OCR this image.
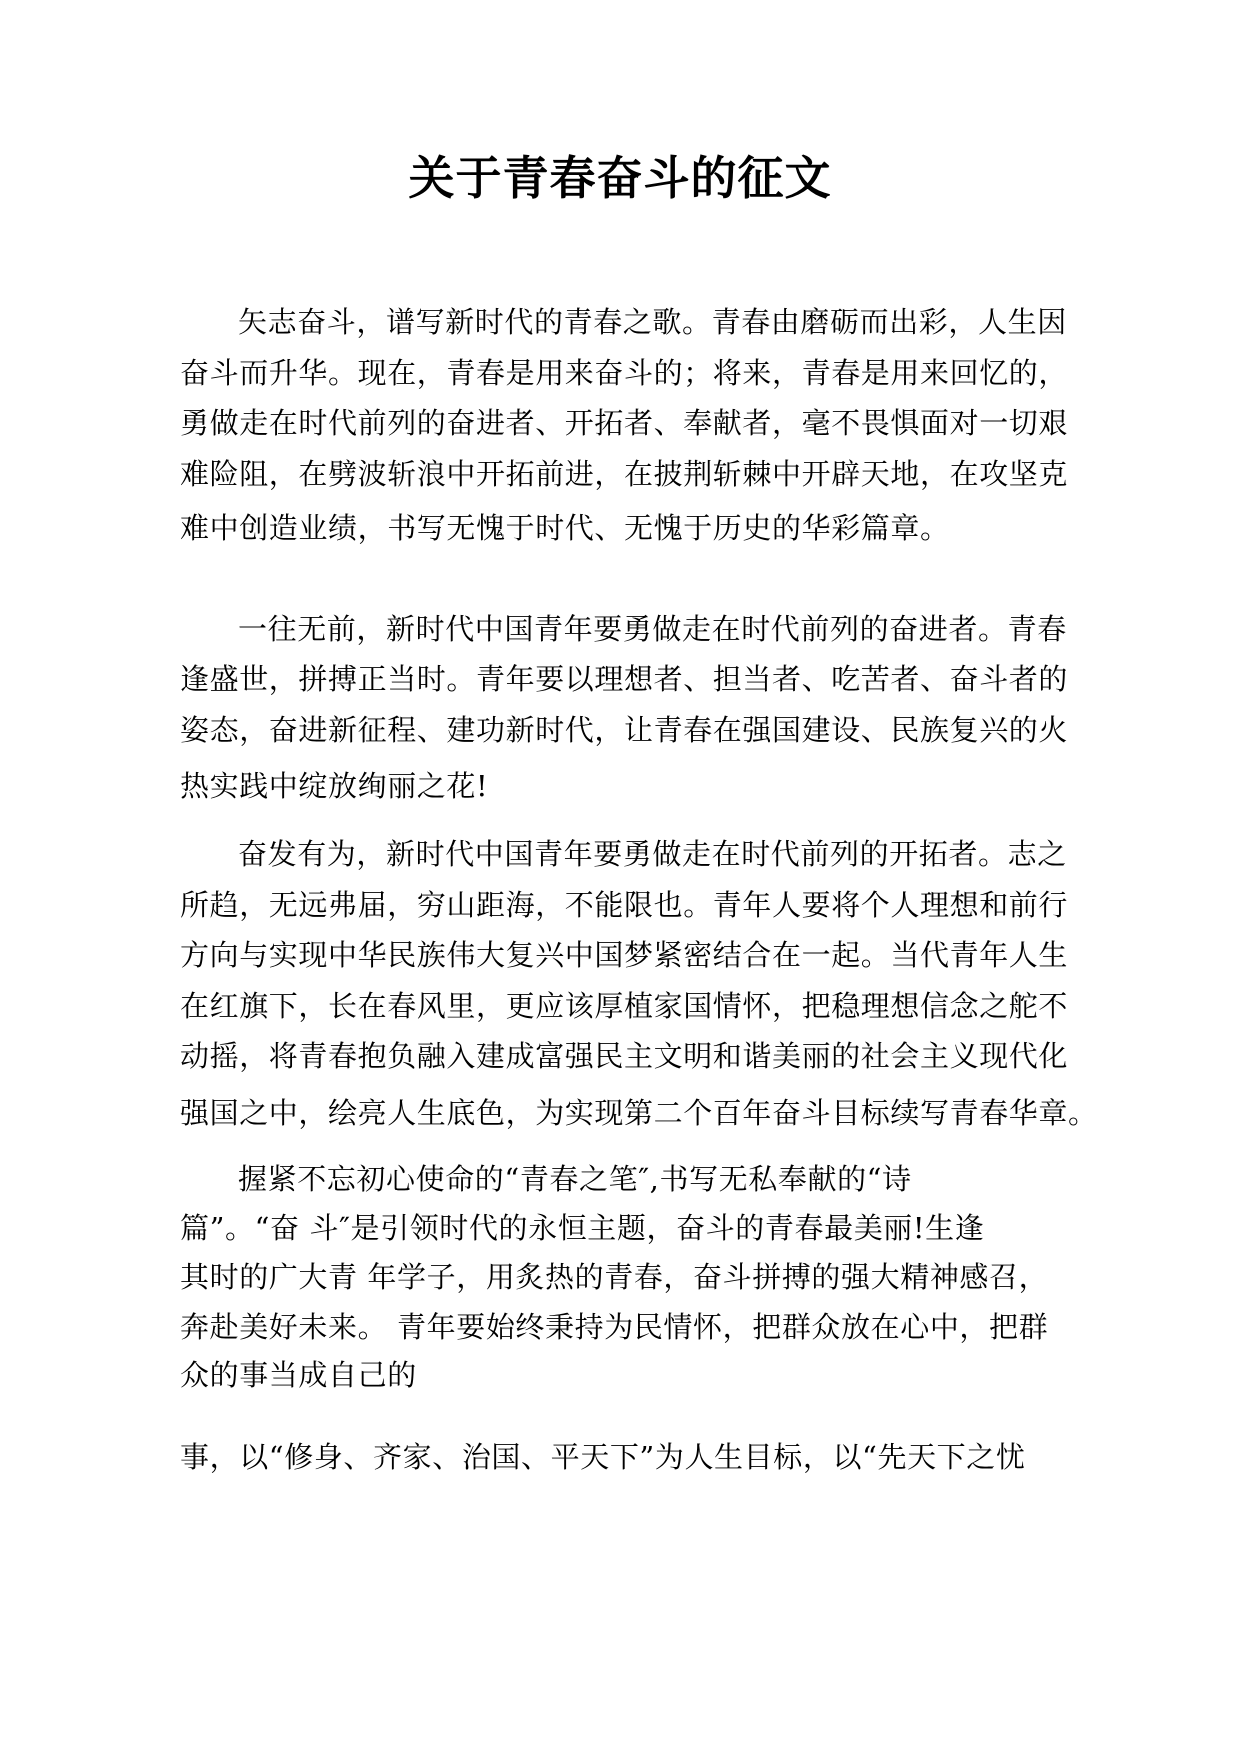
关于青春奋斗的征文
矢志奋斗，谱写新时代的青春之歌。青春由磨砺而出彩，人生因
奋斗而升华。现在，青春是用来奋斗的；将来，青春是用来回忆的，
勇做走在时代前列的奋进者、开拓者、奉献者，毫不畏惧面对一切艰
难险阻，在劈波斩浪中开拓前进，在披荆斩棘中开辟天地，在攻坚克
难中创造业绩，书写无愧于时代、无愧于历史的华彩篇章。
一往无前，新时代中国青年要勇做走在时代前列的奋进者。青春
逢盛世，拼搏正当时。青年要以理想者、担当者、吃苦者、奋斗者的
姿态，奋进新征程、建功新时代，让青春在强国建设、民族复兴的火
热实践中绽放绚丽之花!
奋发有为，新时代中国青年要勇做走在时代前列的开拓者。志之
所趋，无远弗届，穷山距海，不能限也。青年人要将个人理想和前行
方向与实现中华民族伟大复兴中国梦紧密结合在一起。当代青年人生
在红旗下，长在春风里，更应该厚植家国情怀，把稳理想信念之舵不
动摇，将青春抱负融入建成富强民主文明和谐美丽的社会主义现代化
强国之中，绘亮人生底色，为实现第二个百年奋斗目标续写青春华章。
握紧不忘初心使命的“青春之笔″,书写无私奉献的“诗
篇”。“奋 斗″是引领时代的永恒主题，奋斗的青春最美丽!生逢
其时的广大青 年学子，用炙热的青春，奋斗拼搏的强大精神感召，
奔赴美好未来。 青年要始终秉持为民情怀，把群众放在心中，把群
众的事当成自己的
事，以“修身、齐家、治国、平天下”为人生目标，以“先天下之忧
